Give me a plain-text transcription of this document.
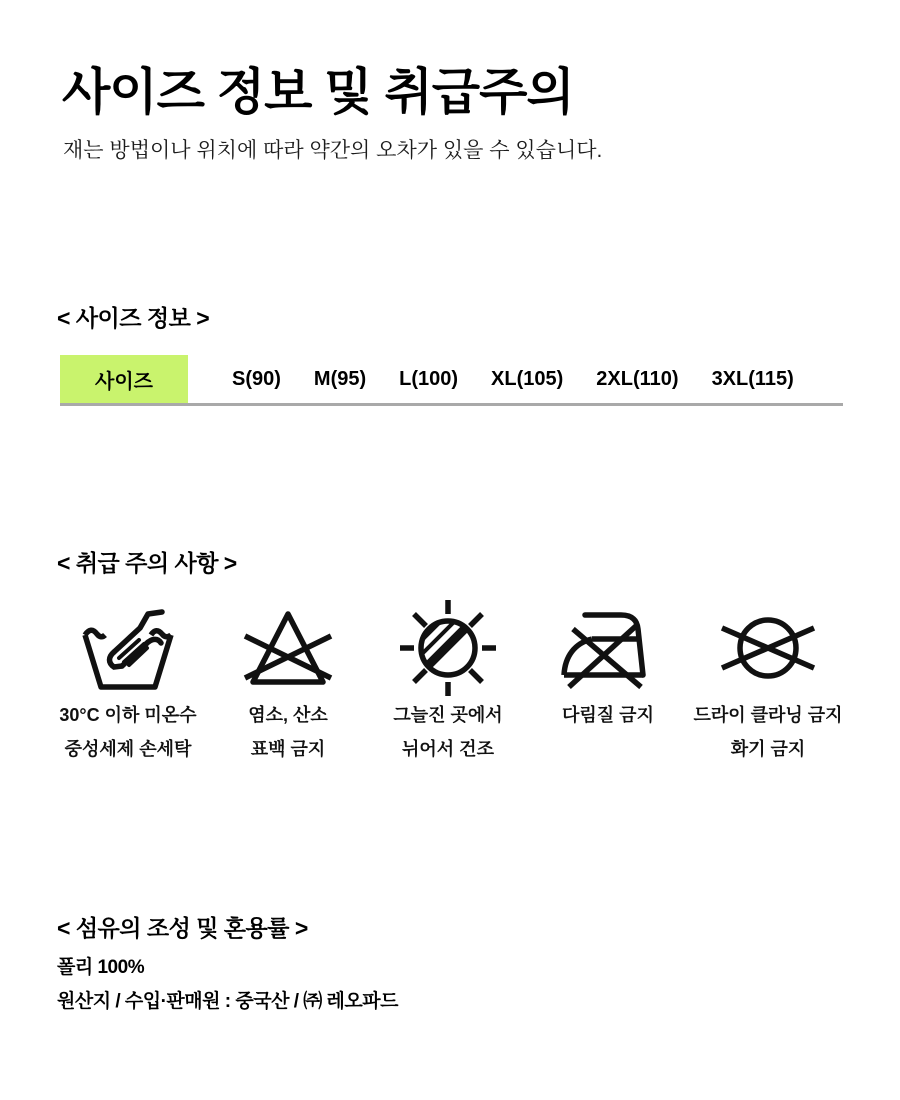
사이즈 정보 및 취급주의

재는 방법이나 위치에 따라 약간의 오차가 있을 수 있습니다.

< 사이즈 정보 >
사이즈	S(90) M(95) L(100) XL(105) 2XL(110) 3XL(115)
< 취급 주의 사항 >
30°C 이하 미온수
중성세제 손세탁
염소, 산소
표백 금지
그늘진 곳에서
뉘어서 건조
다림질 금지 드라이 클라닝 금지
화기 금지
< 섬유의 조성 및 혼용률 >

폴리 100%

원산지 / 수입·판매원 : 중국산 / ㈜ 레오파드
